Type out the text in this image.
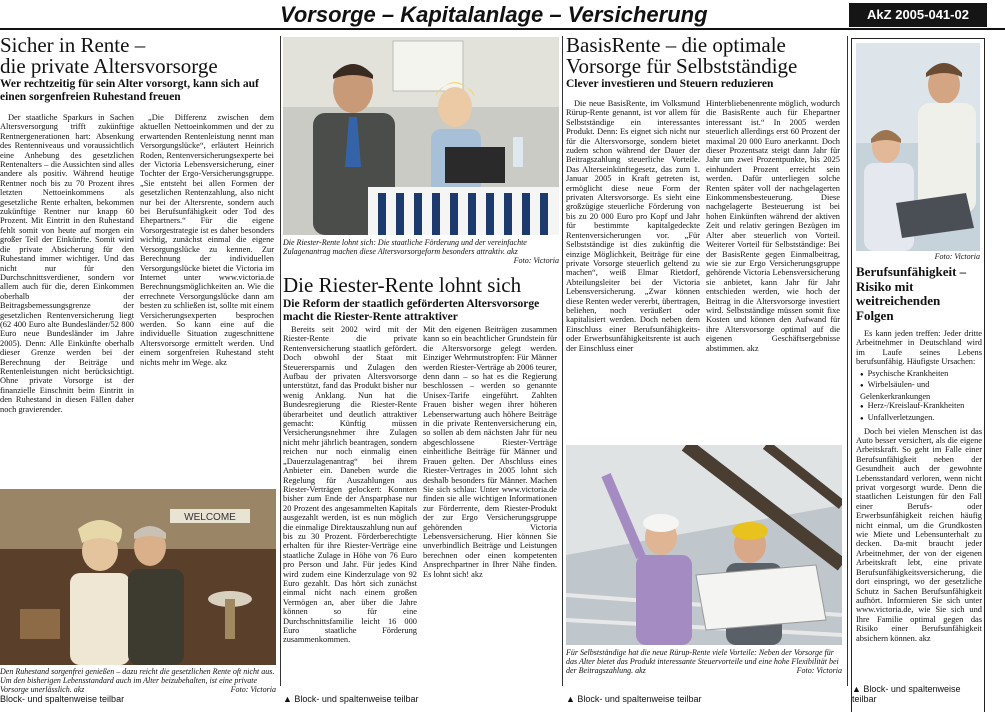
Vorsorge – Kapitalanlage – Versicherung	AkZ 2005-041-02
Sicher in Rente –
die private Altersvorsorge
Wer rechtzeitig für sein Alter vorsorgt, kann sich auf einen sorgenfreien Ruhestand freuen
Der staatliche Sparkurs in Sachen Altersversorgung trifft zukünftige Rentnergenerationen hart: Absenkung des Rentenniveaus und voraussichtlich eine Anhebung des gesetzlichen Rentenalters – die Aussichten sind alles andere als positiv. Während heutige Rentner noch bis zu 70 Prozent ihres letzten Nettoeinkommens als gesetzliche Rente erhalten, bekommen zukünftige Rentner nur knapp 60 Prozent. Mit Eintritt in den Ruhestand fehlt somit von heute auf morgen ein großer Teil der Einkünfte. Somit wird die private Absicherung für den Ruhestand immer wichtiger. Und das nicht nur für den Durchschnittsverdiener, sondern vor allem auch für die, deren Einkommen oberhalb der Beitragsbemessungsgrenze der gesetzlichen Rentenversicherung liegt (62 400 Euro alte Bundesländer/52 800 Euro neue Bundesländer im Jahre 2005). Denn: Alle Einkünfte oberhalb dieser Grenze werden bei der Berechnung der Beiträge und Rentenleistungen nicht berücksichtigt. Ohne private Vorsorge ist der finanzielle Einschnitt beim Eintritt in den Ruhestand in diesen Fällen daher noch gravierender.
„Die Differenz zwischen dem aktuellen Nettoeinkommen und der zu erwartenden Rentenleistung nennt man Versorgungslücke“, erläutert Heinrich Roden, Rentenversicherungsexperte bei der Victoria Lebensversicherung, einer Tochter der Ergo-Versicherungsgruppe. „Sie entsteht bei allen Formen der gesetzlichen Rentenzahlung, also nicht nur bei der Altersrente, sondern auch bei Berufsunfähigkeit oder Tod des Ehepartners.“ Für die eigene Vorsorgestrategie ist es daher besonders wichtig, zunächst einmal die eigene Versorgungslücke zu kennen. Zur Berechnung der individuellen Versorgungslücke bietet die Victoria im Internet unter www.victoria.de Berechnungsmöglichkeiten an. Wie die errechnete Versorgungslücke dann am besten zu schließen ist, sollte mit einem Versicherungsexperten besprochen werden. So kann eine auf die individuelle Situation zugeschnittene Altersvorsorge ermittelt werden. Und einem sorgenfreien Ruhestand steht nichts mehr im Wege. akz
WELCOME
Den Ruhestand sorgenfrei genießen – dazu reicht die gesetzlichen Rente oft nicht aus. Um den bisherigen Lebensstandard auch im Alter beizubehalten, ist eine private Vorsorge unerlässlich. akz	Foto: Victoria
Block- und spaltenweise teilbar
Die Riester-Rente lohnt sich: Die staatliche Förderung und der vereinfachte Zulagenantrag machen diese Altersvorsorgeform besonders attraktiv. akz
Foto: Victoria
Die Riester-Rente lohnt sich
Die Reform der staatlich geförderten Altersvorsorge macht die Riester-Rente attraktiver
Bereits seit 2002 wird mit der Riester-Rente die private Rentenversicherung staatlich gefördert. Doch obwohl der Staat mit Steuerersparnis und Zulagen den Aufbau der privaten Altersvorsorge unterstützt, fand das Produkt bisher nur wenig Anklang. Nun hat die Bundesregierung die Riester-Rente überarbeitet und deutlich attraktiver gemacht: Künftig müssen Versicherungsnehmer ihre Zulagen nicht mehr jährlich beantragen, sondern reichen nur noch einmalig einen „Dauerzulagenantrag“ bei ihrem Anbieter ein. Daneben wurde die Regelung für Auszahlungen aus Riester-Verträgen gelockert: Konnten bisher zum Ende der Ansparphase nur 20 Prozent des angesammelten Kapitals ausgezahlt werden, ist es nun möglich die einmalige Direktauszahlung nun auf bis zu 30 Prozent. Förderberechtigte erhalten für ihre Riester-Verträge eine staatliche Zulage in Höhe von 76 Euro pro Person und Jahr. Für jedes Kind wird zudem eine Kinderzulage von 92 Euro gezahlt. Das hört sich zunächst einmal nicht nach einem großen Vermögen an, aber über die Jahre können so für eine Durchschnittsfamilie leicht 16 000 Euro staatliche Förderung zusammenkommen.
Mit den eigenen Beiträgen zusammen kann so ein beachtlicher Grundstein für die Altersvorsorge gelegt werden. Einziger Wehrmutstropfen: Für Männer werden Riester-Verträge ab 2006 teurer, denn dann – so hat es die Regierung beschlossen – werden so genannte Unisex-Tarife eingeführt. Zahlten Frauen bisher wegen ihrer höheren Lebenserwartung auch höhere Beiträge in die private Rentenversicherung ein, so sollen ab dem nächsten Jahr für neu abgeschlossene Riester-Verträge einheitliche Beiträge für Männer und Frauen gelten. Der Abschluss eines Riester-Vertrages in 2005 lohnt sich deshalb besonders für Männer. Machen Sie sich schlau: Unter www.victoria.de finden sie alle wichtigen Informationen zur Förderrente, dem Riester-Produkt der zur Ergo Versicherungsgruppe gehörenden Victoria Lebensversicherung. Hier können Sie unverbindlich Beiträge und Leistungen berechnen oder einen kompetenten Ansprechpartner in Ihrer Nähe finden. Es lohnt sich! akz
▲ Block- und spaltenweise teilbar
BasisRente – die optimale
Vorsorge für Selbstständige
Clever investieren und Steuern reduzieren
Die neue BasisRente, im Volksmund Rürup-Rente genannt, ist vor allem für Selbstständige ein interessantes Produkt. Denn: Es eignet sich nicht nur für die Altersvorsorge, sondern bietet zudem schon während der Dauer der Beitragszahlung steuerliche Vorteile. Das Alterseinkünftegesetz, das zum 1. Januar 2005 in Kraft getreten ist, ermöglicht diese neue Form der privaten Altersvorsorge. Es sieht eine großzügige steuerliche Förderung von bis zu 20 000 Euro pro Kopf und Jahr für bestimmte kapitalgedeckte Rentenversicherungen vor. „Für Selbstständige ist dies zukünftig die einzige Möglichkeit, Beiträge für eine private Vorsorge steuerlich geltend zu machen“, weiß Elmar Rietdorf, Abteilungsleiter bei der Victoria Lebensversicherung. „Zwar können diese Renten weder vererbt, übertragen, beliehen, noch veräußert oder kapitalisiert werden. Doch neben dem Einschluss einer Berufsunfähigkeits- oder Erwerbsunfähigkeitsrente ist auch der Einschluss einer
Hinterbliebenenrente möglich, wodurch die BasisRente auch für Ehepartner interessant ist.“ In 2005 werden steuerlich allerdings erst 60 Prozent der maximal 20 000 Euro anerkannt. Doch dieser Prozentsatz steigt dann Jahr für Jahr um zwei Prozentpunkte, bis 2025 einhundert Prozent erreicht sein werden. Dafür unterliegen solche Renten später voll der nachgelagerten Einkommensbesteuerung. Diese nachgelagerte Besteuerung ist bei hohen Einkünften während der aktiven Zeit und relativ geringen Bezügen im Alter aber steuerlich von Vorteil. Weiterer Vorteil für Selbstständige: Bei der BasisRente gegen Einmalbeitrag, wie sie zur Ergo Versicherungsgruppe gehörende Victoria Lebensversicherung sie anbietet, kann Jahr für Jahr entschieden werden, wie hoch der Beitrag in die Altersvorsorge investiert wird. Selbstständige müssen somit fixe Kosten und können den Aufwand für ihre Altersvorsorge optimal auf die eigenen Geschäftsergebnisse abstimmen. akz
Für Selbstständige hat die neue Rürup-Rente viele Vorteile: Neben der Vorsorge für das Alter bietet das Produkt interessante Steuervorteile und eine hohe Flexibilität bei der Beitragszahlung. akz	Foto: Victoria
▲ Block- und spaltenweise teilbar
Foto: Victoria
Berufsunfähigkeit –
Risiko mit
weitreichenden
Folgen
Es kann jeden treffen: Jeder dritte Arbeitnehmer in Deutschland wird im Laufe seines Lebens berufsunfähig. Häufigste Ursachen:
● Psychische Krankheiten
● Wirbelsäulen- und Gelenkerkrankungen
● Herz-/Kreislauf-Krankheiten
● Unfallverletzungen.
Doch bei vielen Menschen ist das Auto besser versichert, als die eigene Arbeitskraft. So geht im Falle einer Berufsunfähigkeit neben der Gesundheit auch der gewohnte Lebensstandard verloren, wenn nicht privat vorgesorgt wurde. Denn die staatlichen Leistungen für den Fall einer Berufs- oder Erwerbsunfähigkeit reichen häufig nicht einmal, um die Grundkosten wie Miete und Lebensunterhalt zu decken. Da-mit braucht jeder Arbeitnehmer, der von der eigenen Arbeitskraft lebt, eine private Berufsunfähigkeitsversicherung, die dort einspringt, wo der gesetzliche Schutz in Sachen Berufsunfähigkeit aufhört. Informieren Sie sich unter www.victoria.de, wie Sie sich und Ihre Familie optimal gegen das Risiko einer Berufsunfähigkeit absichern können. akz
▲ Block- und spaltenweise teilbar
